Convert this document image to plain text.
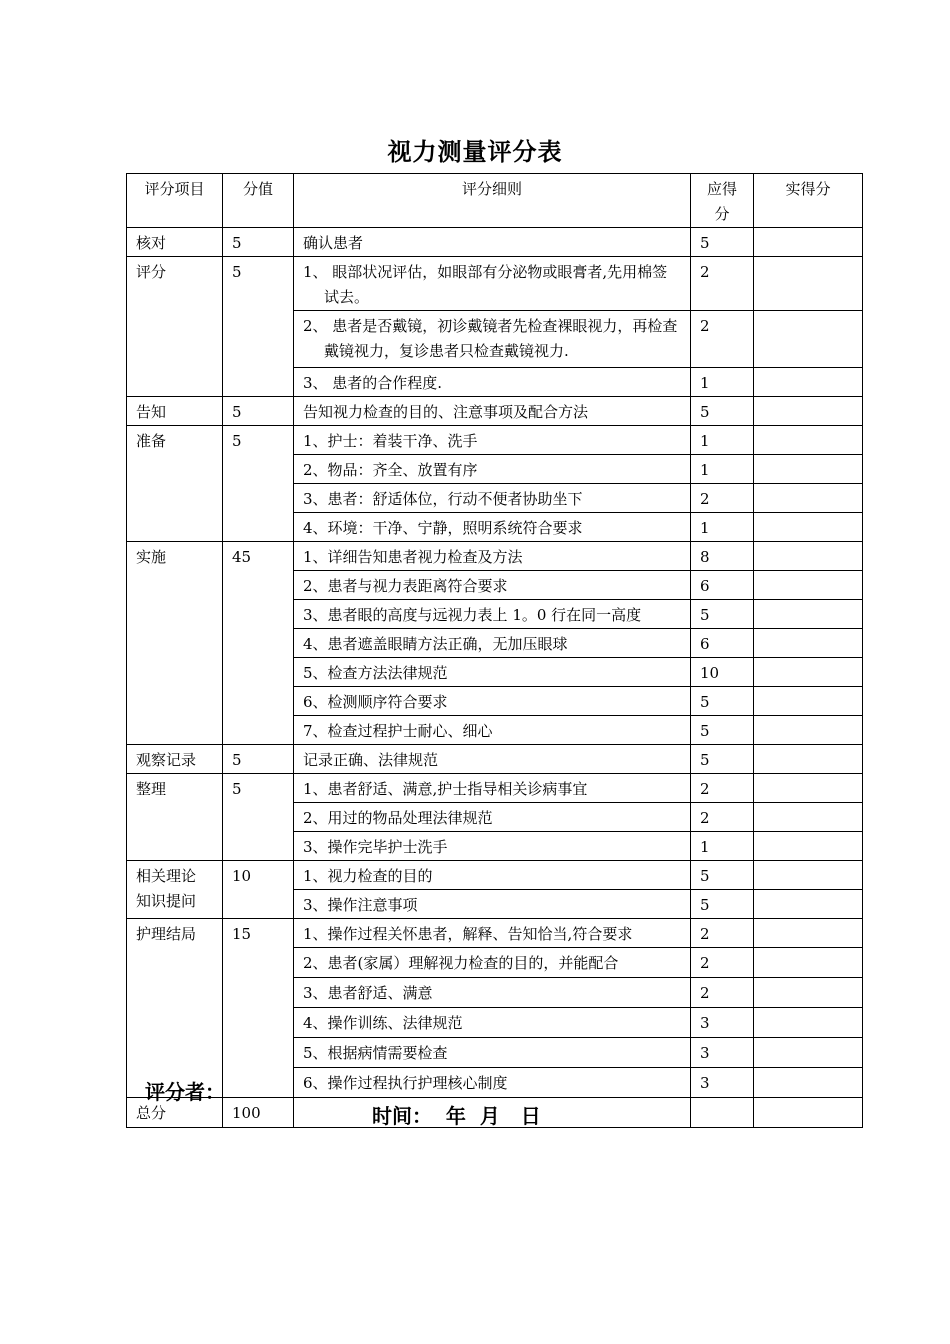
视力测量评分表
评分项目	分值	评分细则	应得分	实得分
核对	5	确认患者	5	
评分	5	1、 眼部状况评估，如眼部有分泌物或眼膏者,先用棉签试去。	2	
		2、 患者是否戴镜，初诊戴镜者先检查裸眼视力，再检查戴镜视力，复诊患者只检查戴镜视力.	2	
		3、 患者的合作程度.	1	
告知	5	告知视力检查的目的、注意事项及配合方法	5	
准备	5	1、护士：着装干净、洗手	1	
		2、物品：齐全、放置有序	1	
		3、患者：舒适体位，行动不便者协助坐下	2	
		4、环境：干净、宁静，照明系统符合要求	1	
实施	45	1、详细告知患者视力检查及方法	8	
		2、患者与视力表距离符合要求	6	
		3、患者眼的高度与远视力表上 1。0 行在同一高度	5	
		4、患者遮盖眼睛方法正确，无加压眼球	6	
		5、检查方法法律规范	10	
		6、检测顺序符合要求	5	
		7、检查过程护士耐心、细心	5	
观察记录	5	记录正确、法律规范	5	
整理	5	1、患者舒适、满意,护士指导相关诊病事宜	2	
		2、用过的物品处理法律规范	2	
		3、操作完毕护士洗手	1	

相关理论
知识提问	10	1、视力检查的目的	5	
		3、操作注意事项	5	
护理结局	15	1、操作过程关怀患者，解释、告知恰当,符合要求	2	
		2、患者(家属）理解视力检查的目的，并能配合	2	
		3、患者舒适、满意	2	
		4、操作训练、法律规范	3	
		5、根据病情需要检查	3	
		6、操作过程执行护理核心制度	3	
总分	100			
评分者：
时间：  年  月   日
